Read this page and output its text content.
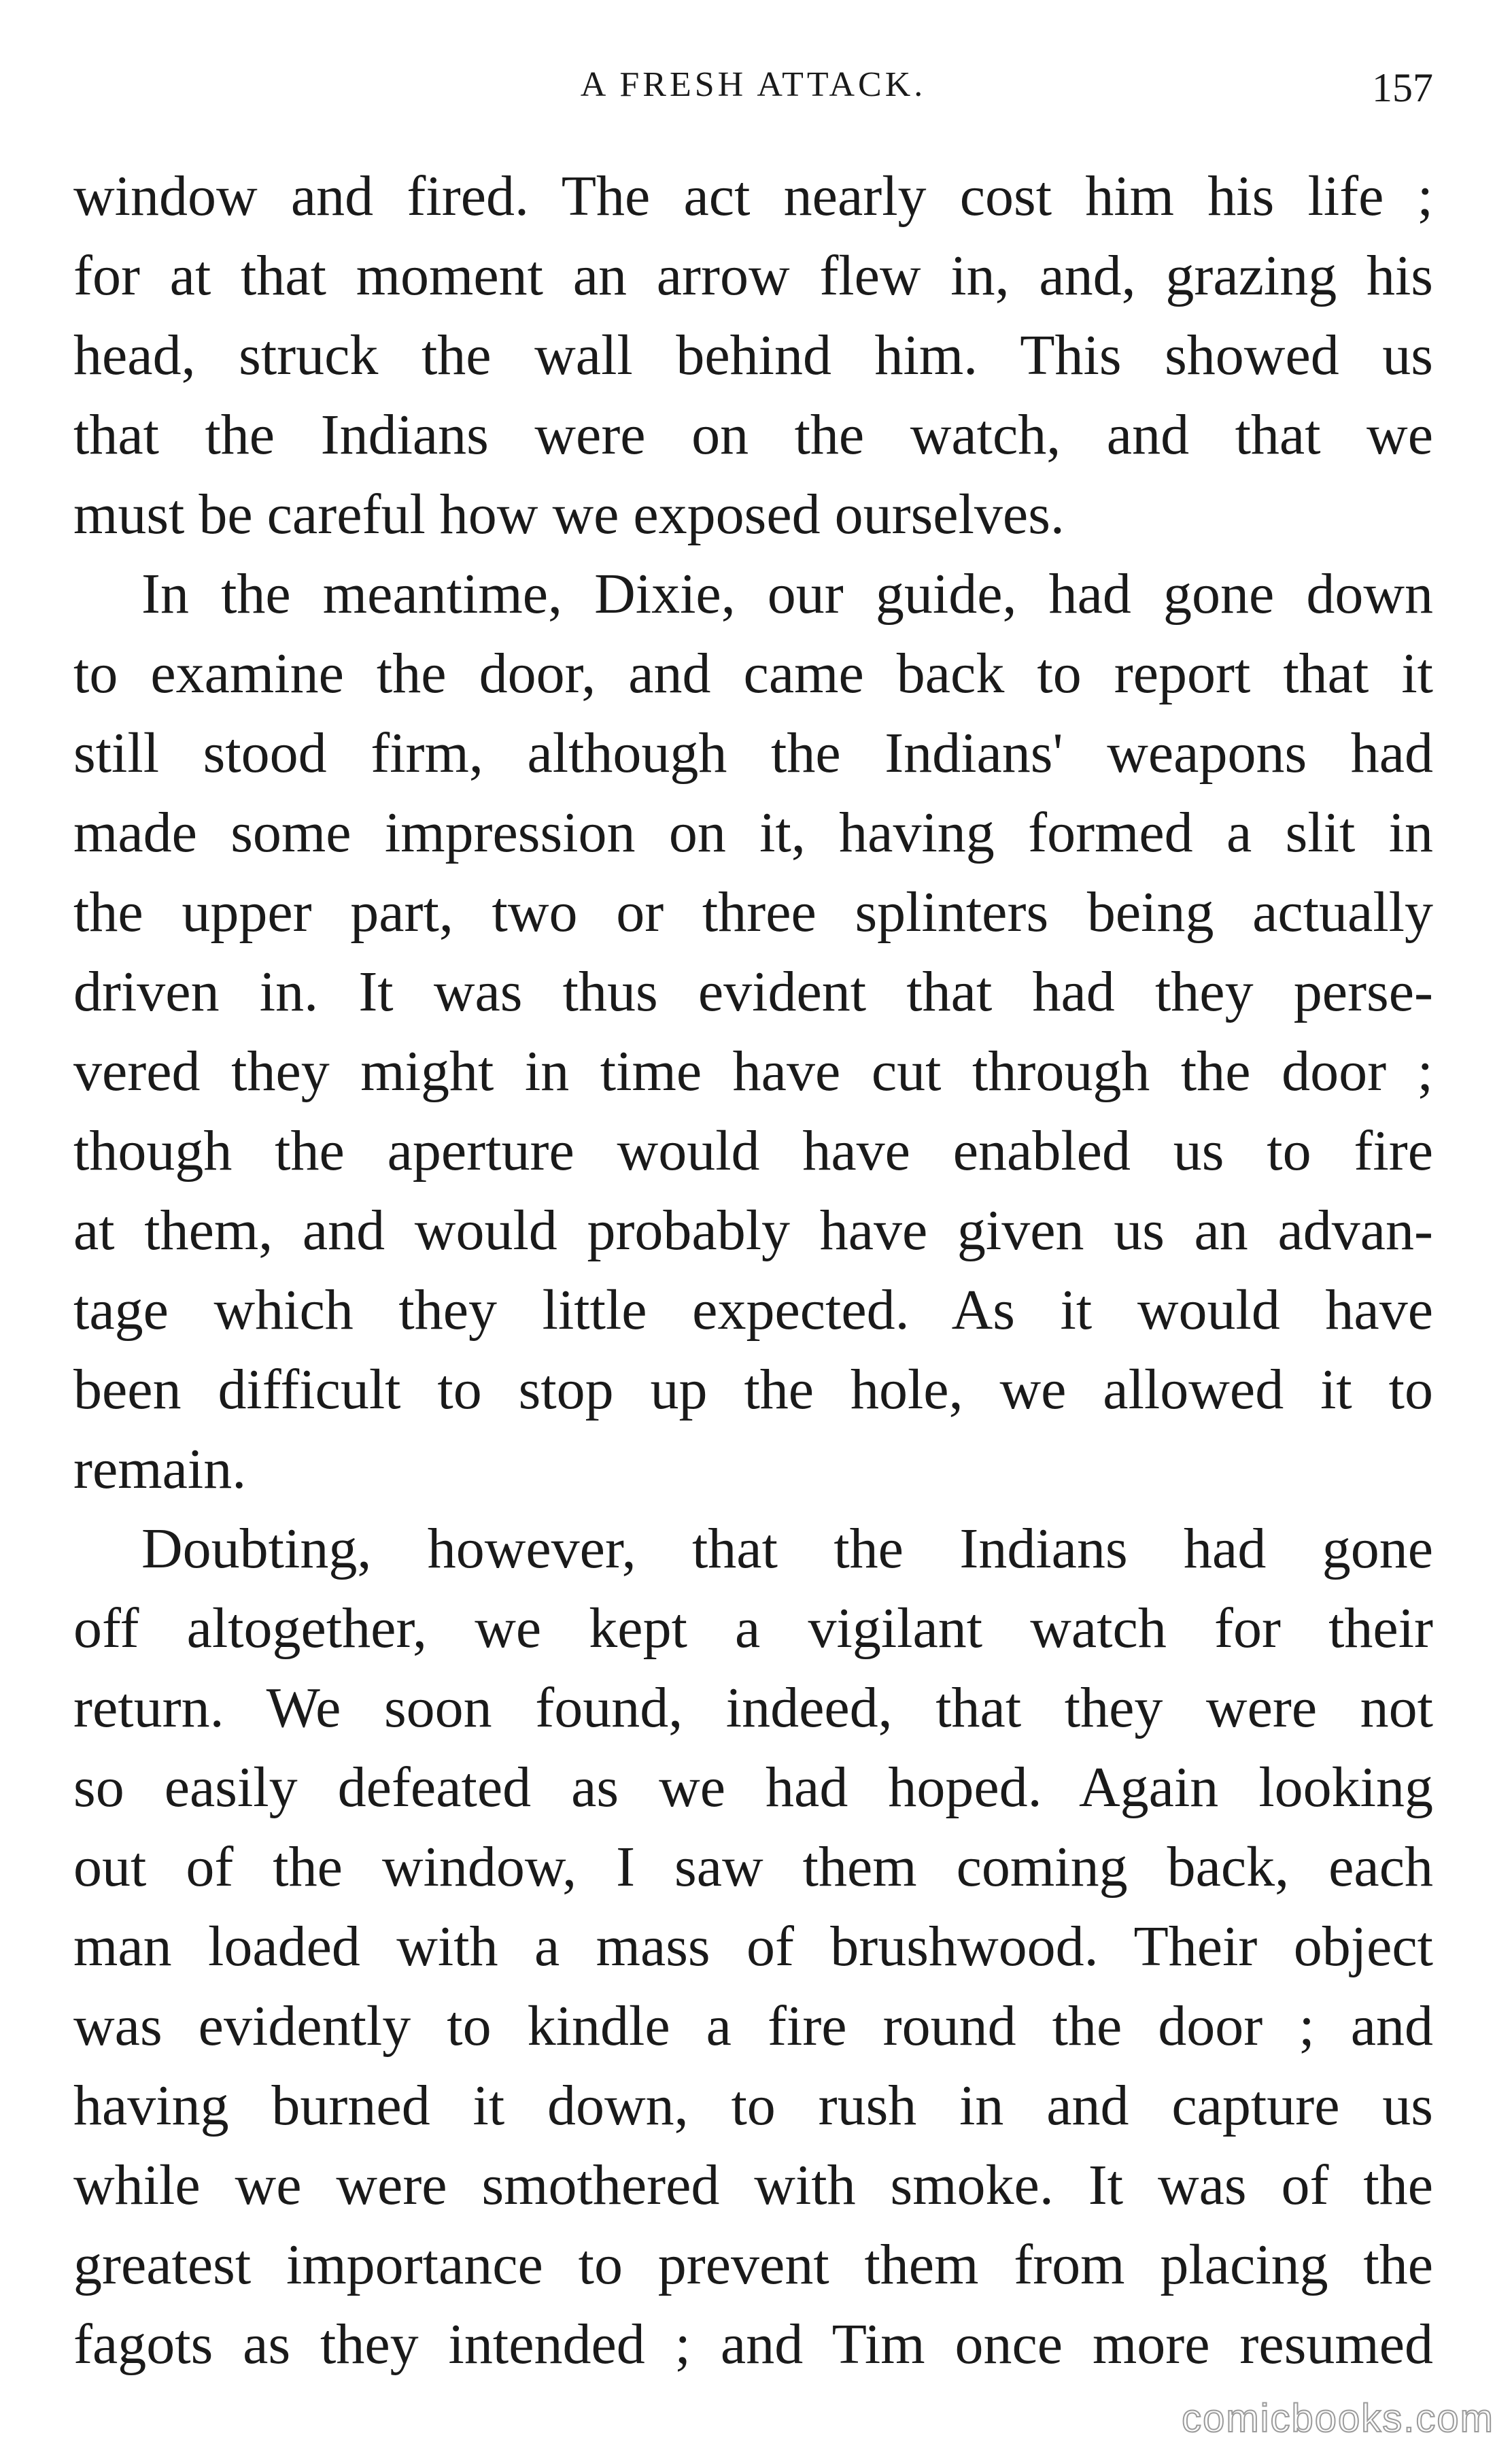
A FRESH ATTACK.	157
window and fired. The act nearly cost him his life ;
for at that moment an arrow flew in, and, grazing his
head, struck the wall behind him. This showed us
that the Indians were on the watch, and that we
must be careful how we exposed ourselves.
In the meantime, Dixie, our guide, had gone down
to examine the door, and came back to report that it
still stood firm, although the Indians' weapons had
made some impression on it, having formed a slit in
the upper part, two or three splinters being actually
driven in. It was thus evident that had they perse-
vered they might in time have cut through the door ;
though the aperture would have enabled us to fire
at them, and would probably have given us an advan-
tage which they little expected. As it would have
been difficult to stop up the hole, we allowed it to
remain.
Doubting, however, that the Indians had gone
off altogether, we kept a vigilant watch for their
return. We soon found, indeed, that they were not
so easily defeated as we had hoped. Again looking
out of the window, I saw them coming back, each
man loaded with a mass of brushwood. Their object
was evidently to kindle a fire round the door ; and
having burned it down, to rush in and capture us
while we were smothered with smoke. It was of the
greatest importance to prevent them from placing the
fagots as they intended ; and Tim once more resumed
comicbooks.com
